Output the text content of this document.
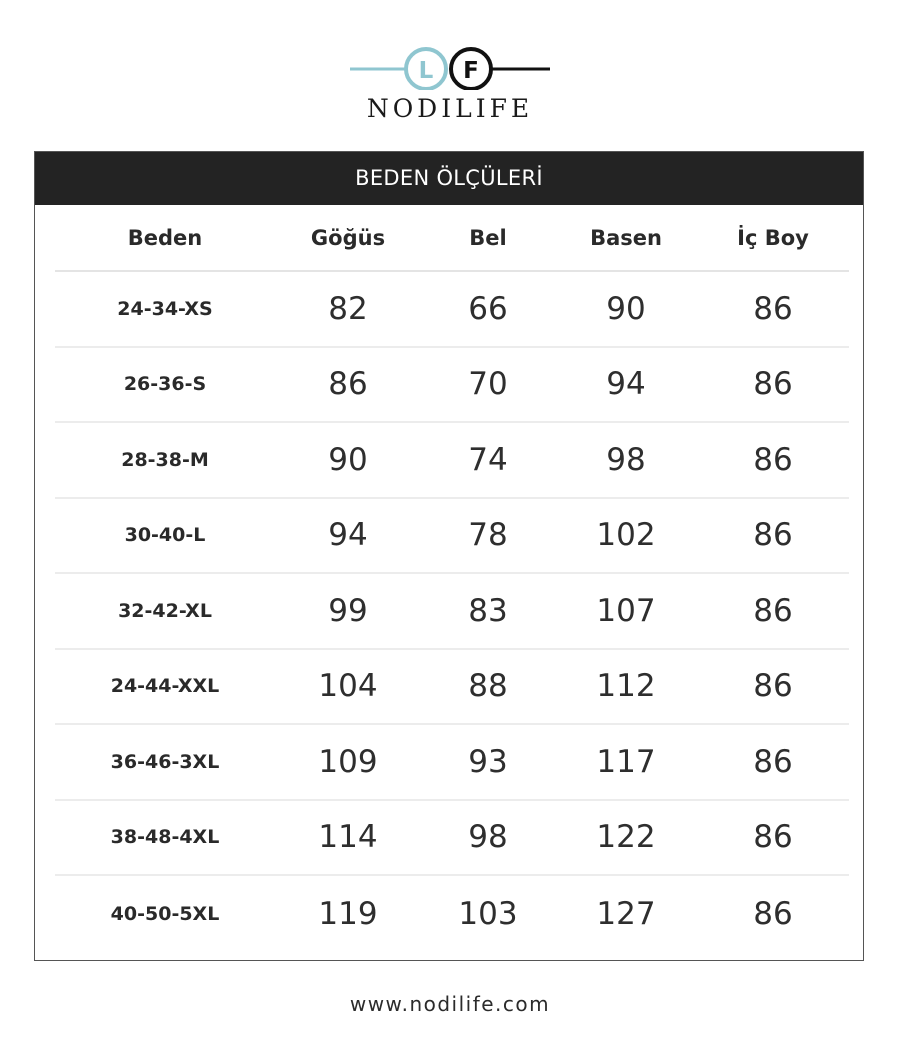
L F
NODILIFE
BEDEN ÖLÇÜLERİ
Beden	Göğüs	Bel	Basen	İç Boy
24-34-XS	82	66	90	86
26-36-S	86	70	94	86
28-38-M	90	74	98	86
30-40-L	94	78	102	86
32-42-XL	99	83	107	86
24-44-XXL	104	88	112	86
36-46-3XL	109	93	117	86
38-48-4XL	114	98	122	86
40-50-5XL	119	103	127	86
www.nodilife.com
